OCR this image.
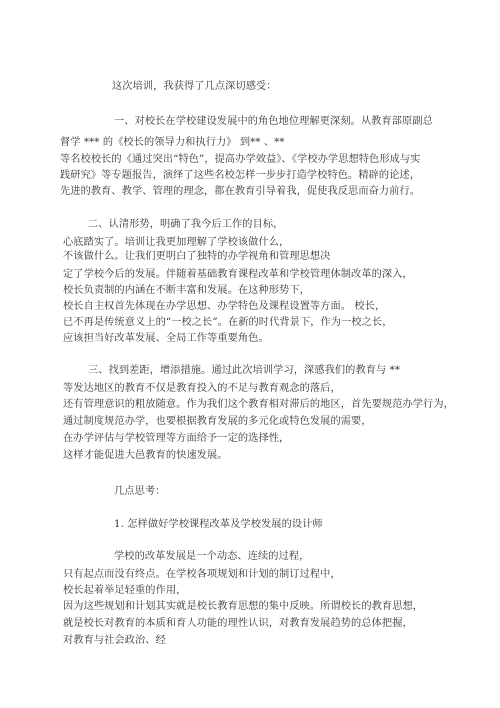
这次培训，我获得了几点深切感受：
一、对校长在学校建设发展中的角色地位理解更深刻。从教育部原副总
督学 *** 的《校长的领导力和执行力》 到** 、**
等名校校长的《通过突出“特色”，提高办学效益》、《学校办学思想特色形成与实
践研究》等专题报告，演绎了这些名校怎样一步步打造学校特色。精辟的论述，
先进的教育、教学、管理的理念，都在教育引导着我，促使我反思而奋力前行。
二、认清形势，明确了我今后工作的目标，
心底踏实了。培训让我更加理解了学校该做什么，
不该做什么。让我们更明白了独特的办学视角和管理思想决
定了学校今后的发展。伴随着基础教育课程改革和学校管理体制改革的深入，
校长负责制的内涵在不断丰富和发展。在这种形势下，
校长自主权首先体现在办学思想、办学特色及课程设置等方面。 校长，
已不再是传统意义上的“一校之长”。在新的时代背景下，作为一校之长，
应该担当好改革发展、全局工作等重要角色。
三、找到差距，增添措施。通过此次培训学习，深感我们的教育与 **
等发达地区的教育不仅是教育投入的不足与教育观念的落后，
还有管理意识的粗放随意。作为我们这个教育相对滞后的地区，首先要规范办学行为，
通过制度规范办学，也要根据教育发展的多元化或特色发展的需要，
在办学评估与学校管理等方面给予一定的选择性，
这样才能促进大邑教育的快速发展。
几点思考：
1. 怎样做好学校课程改革及学校发展的设计师
学校的改革发展是一个动态、连续的过程，
只有起点而没有终点。在学校各项规划和计划的制订过程中，
校长起着举足轻重的作用，
因为这些规划和计划其实就是校长教育思想的集中反映。所谓校长的教育思想，
就是校长对教育的本质和育人功能的理性认识，对教育发展趋势的总体把握，
对教育与社会政治、经
